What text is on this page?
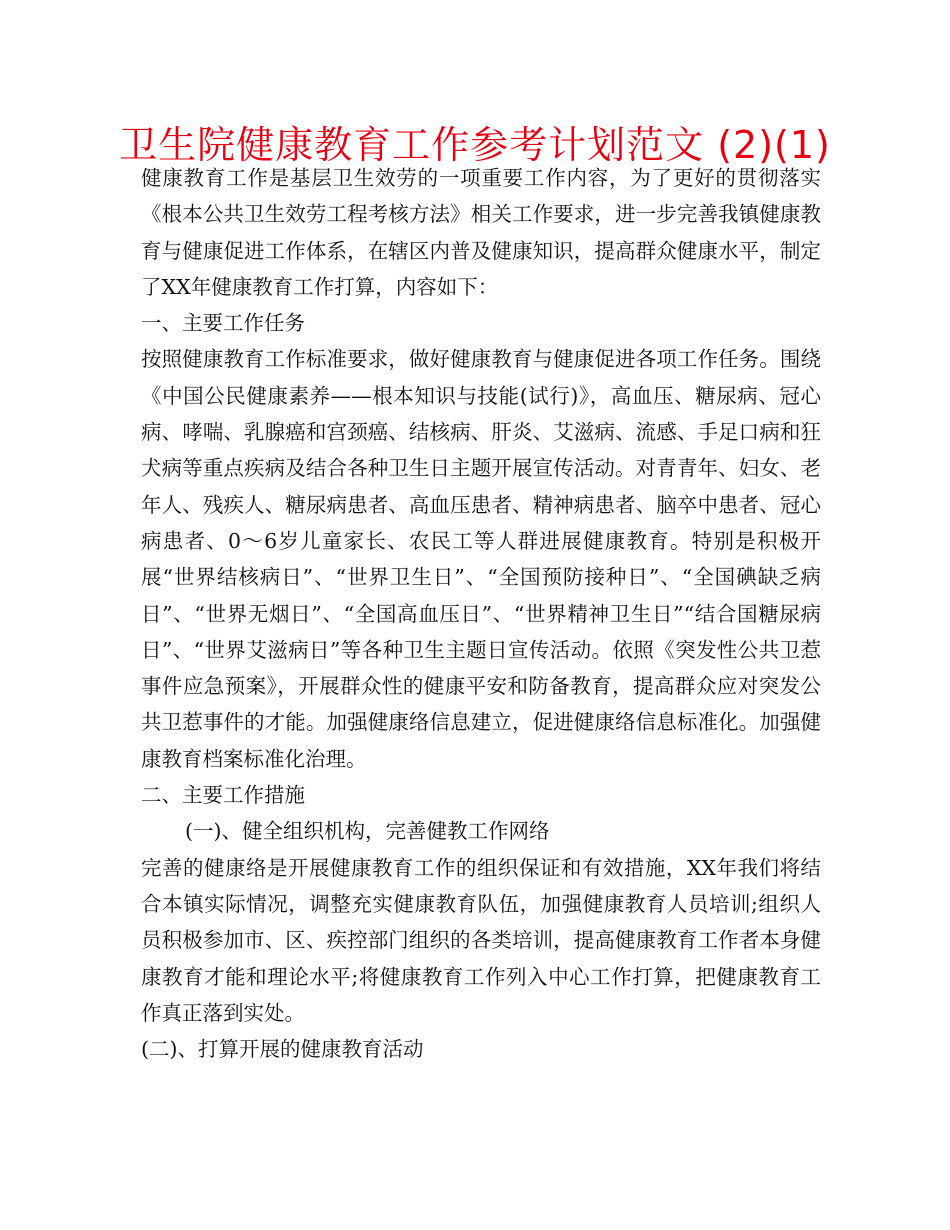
卫生院健康教育工作参考计划范文 (2)(1)

健康教育工作是基层卫生效劳的一项重要工作内容，为了更好的贯彻落实《根本公共卫生效劳工程考核方法》相关工作要求，进一步完善我镇健康教育与健康促进工作体系，在辖区内普及健康知识，提高群众健康水平，制定了XX年健康教育工作打算，内容如下：

一、主要工作任务

按照健康教育工作标准要求，做好健康教育与健康促进各项工作任务。围绕《中国公民健康素养——根本知识与技能(试行)》，高血压、糖尿病、冠心病、哮喘、乳腺癌和宫颈癌、结核病、肝炎、艾滋病、流感、手足口病和狂犬病等重点疾病及结合各种卫生日主题开展宣传活动。对青青年、妇女、老年人、残疾人、糖尿病患者、高血压患者、精神病患者、脑卒中患者、冠心病患者、0～6岁儿童家长、农民工等人群进展健康教育。特别是积极开展“世界结核病日”、“世界卫生日”、“全国预防接种日”、“全国碘缺乏病日”、“世界无烟日”、“全国高血压日”、“世界精神卫生日”“结合国糖尿病日”、“世界艾滋病日”等各种卫生主题日宣传活动。依照《突发性公共卫惹事件应急预案》，开展群众性的健康平安和防备教育，提高群众应对突发公共卫惹事件的才能。加强健康络信息建立，促进健康络信息标准化。加强健康教育档案标准化治理。

二、主要工作措施

(一)、健全组织机构，完善健教工作网络

完善的健康络是开展健康教育工作的组织保证和有效措施，XX年我们将结合本镇实际情况，调整充实健康教育队伍，加强健康教育人员培训;组织人员积极参加市、区、疾控部门组织的各类培训，提高健康教育工作者本身健康教育才能和理论水平;将健康教育工作列入中心工作打算，把健康教育工作真正落到实处。

(二)、打算开展的健康教育活动
